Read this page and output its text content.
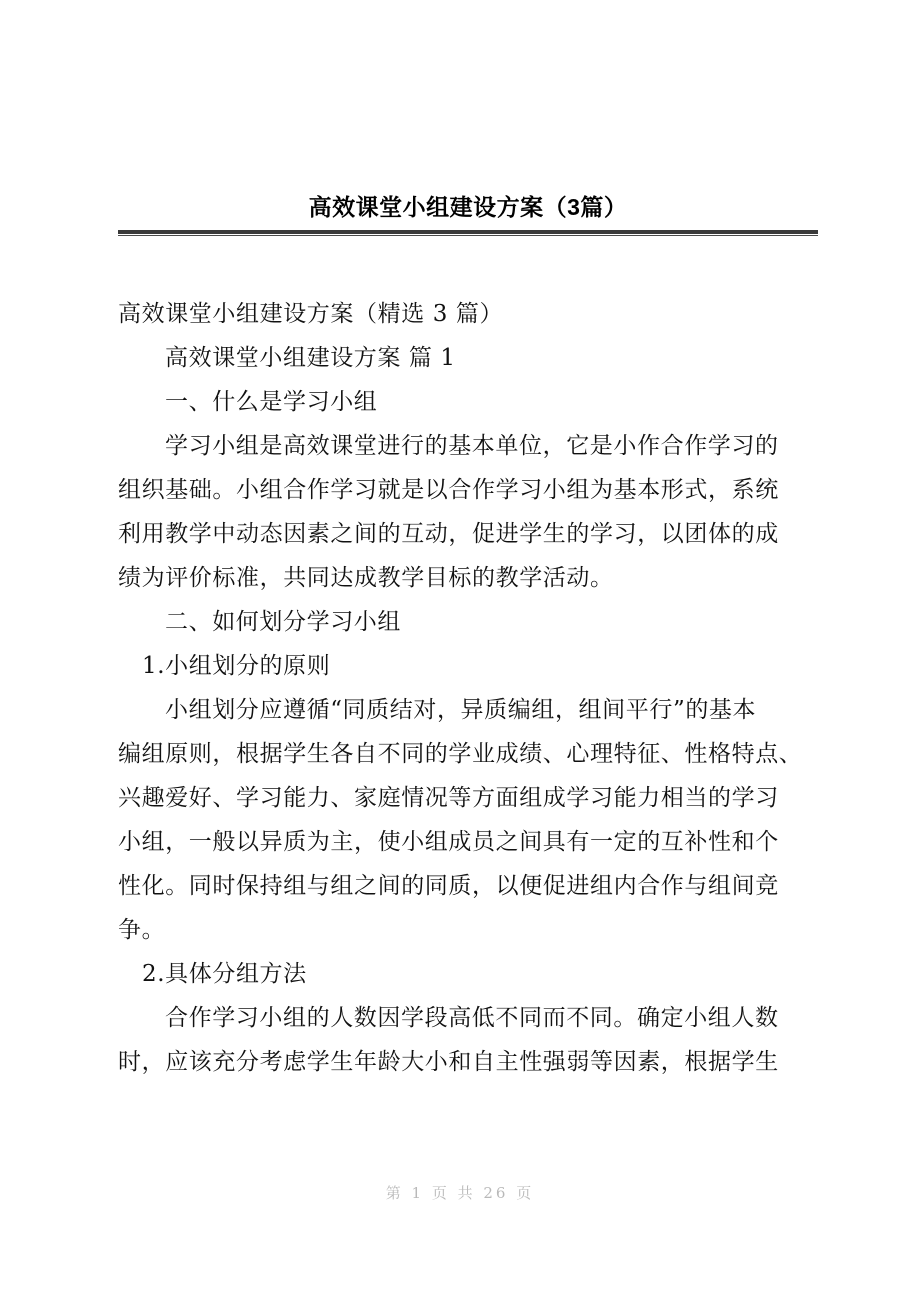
高效课堂小组建设方案（3篇）
高效课堂小组建设方案（精选 3 篇）
高效课堂小组建设方案 篇 1
一、什么是学习小组
学习小组是高效课堂进行的基本单位，它是小作合作学习的
组织基础。小组合作学习就是以合作学习小组为基本形式，系统
利用教学中动态因素之间的互动，促进学生的学习，以团体的成
绩为评价标准，共同达成教学目标的教学活动。
二、如何划分学习小组
1.小组划分的原则
小组划分应遵循“同质结对，异质编组，组间平行”的基本
编组原则，根据学生各自不同的学业成绩、心理特征、性格特点、
兴趣爱好、学习能力、家庭情况等方面组成学习能力相当的学习
小组，一般以异质为主，使小组成员之间具有一定的互补性和个
性化。同时保持组与组之间的同质，以便促进组内合作与组间竞
争。
2.具体分组方法
合作学习小组的人数因学段高低不同而不同。确定小组人数
时，应该充分考虑学生年龄大小和自主性强弱等因素，根据学生
第 1 页 共 26 页
